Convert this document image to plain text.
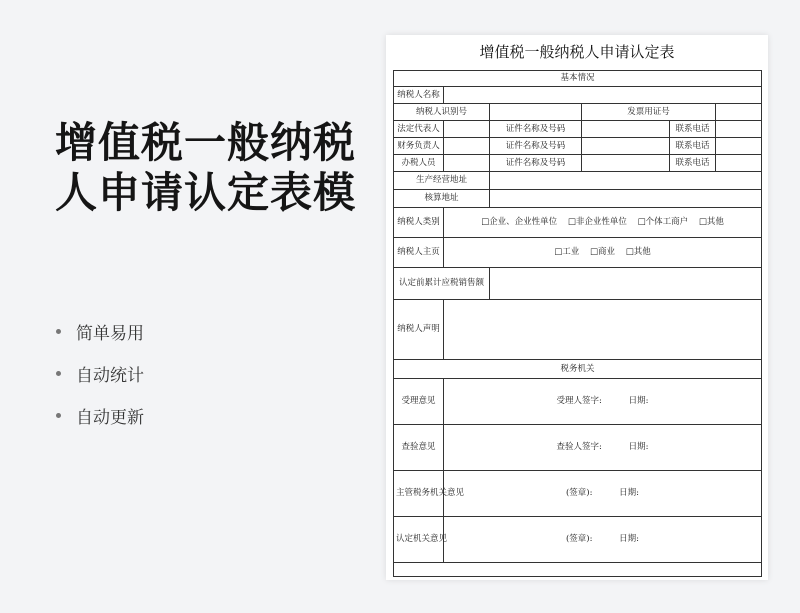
增值税一般纳税
人申请认定表模
简单易用
自动统计
自动更新
增值税一般纳税人申请认定表
基本情况					
纳税人名称					
纳税人识别号			发票用证号		
法定代表人		证件名称及号码		联系电话	
财务负责人		证件名称及号码		联系电话	
办税人员		证件名称及号码		联系电话	
生产经营地址					
核算地址					
纳税人类别	□企业、企业性单位 □非企业性单位 □个体工商户 □其他				
纳税人主页	□工业 □商业 □其他				
认定前累计应税销售额					
纳税人声明					
税务机关					
受理意见	受理人签字: 日期:				
查验意见	查验人签字: 日期:				
主管税务机关意见	(签章): 日期:				
认定机关意见	(签章): 日期:				
